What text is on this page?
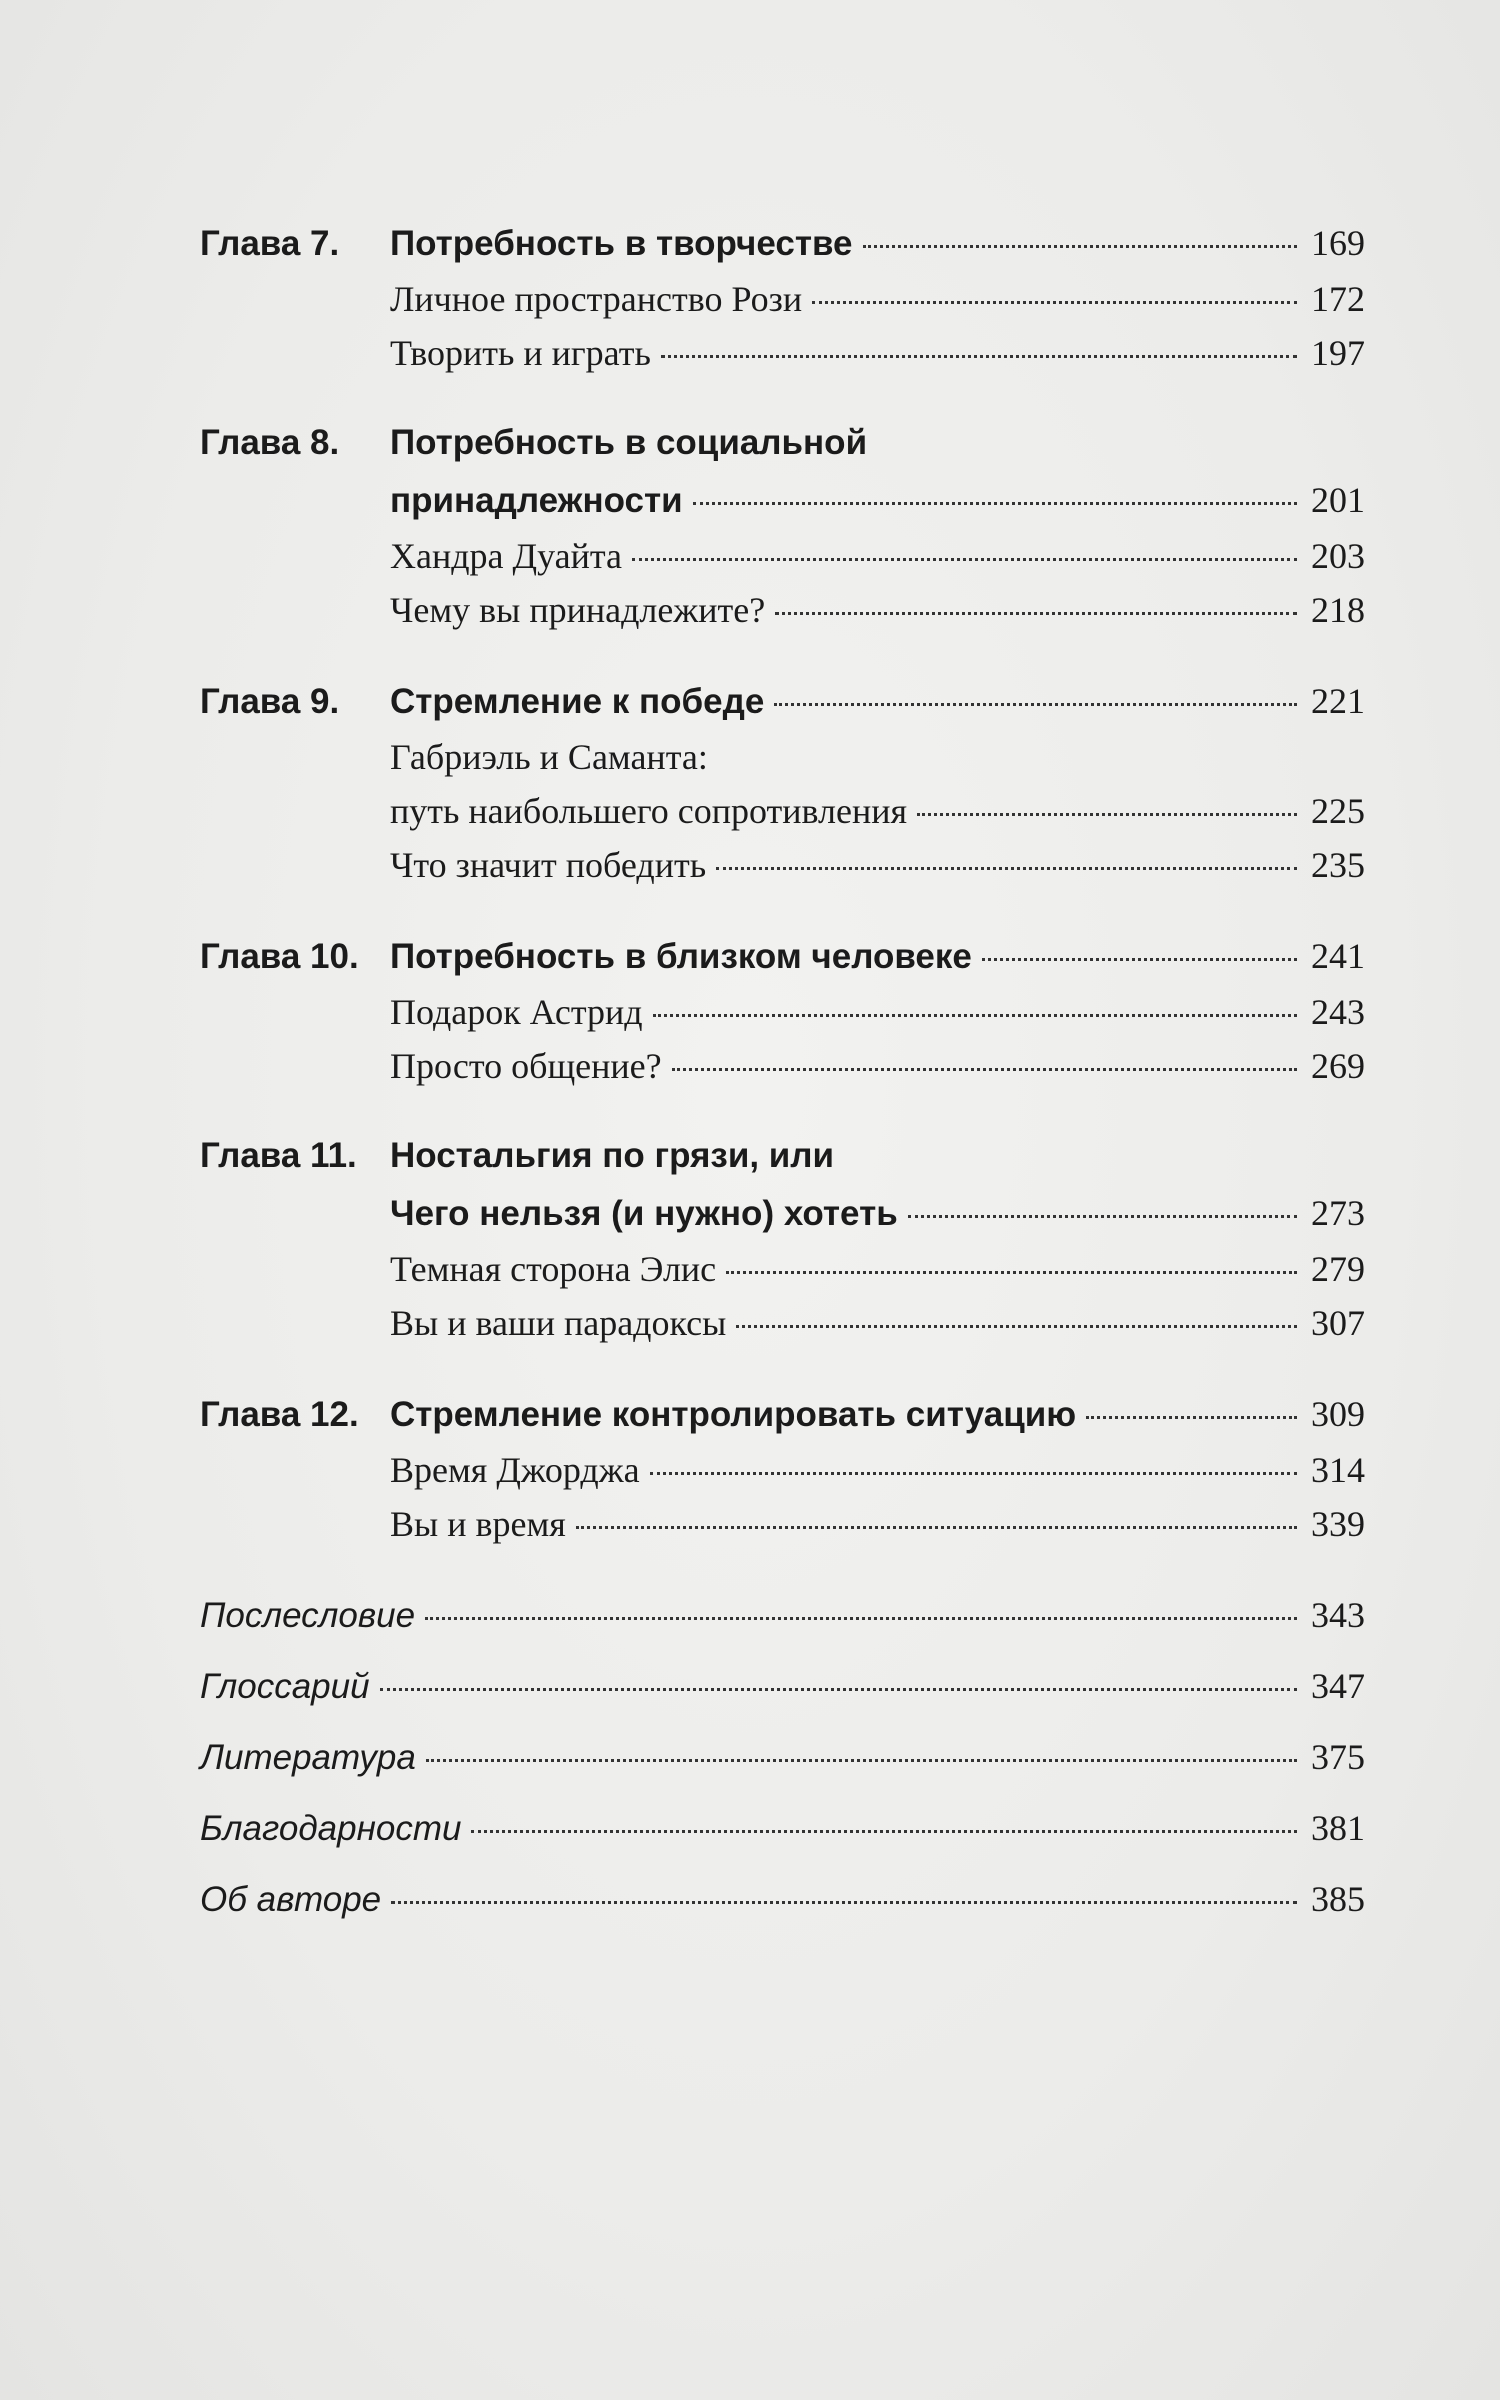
Глава 7.	Потребность в творчестве	169
Личное пространство Рози	172
Творить и играть	197
Глава 8.	Потребность в социальной
принадлежности	201
Хандра Дуайта	203
Чему вы принадлежите?	218
Глава 9.	Стремление к победе	221
Габриэль и Саманта:
путь наибольшего сопротивления	225
Что значит победить	235
Глава 10. Потребность в близком человеке	241
Подарок Астрид	243
Просто общение?	269
Глава 11. Ностальгия по грязи, или
Чего нельзя (и нужно) хотеть	273
Темная сторона Элис	279
Вы и ваши парадоксы	307
Глава 12. Стремление контролировать ситуацию	309
Время Джорджа	314
Вы и время	339
Послесловие	343
Глоссарий	347
Литература	375
Благодарности	381
Об авторе	385
